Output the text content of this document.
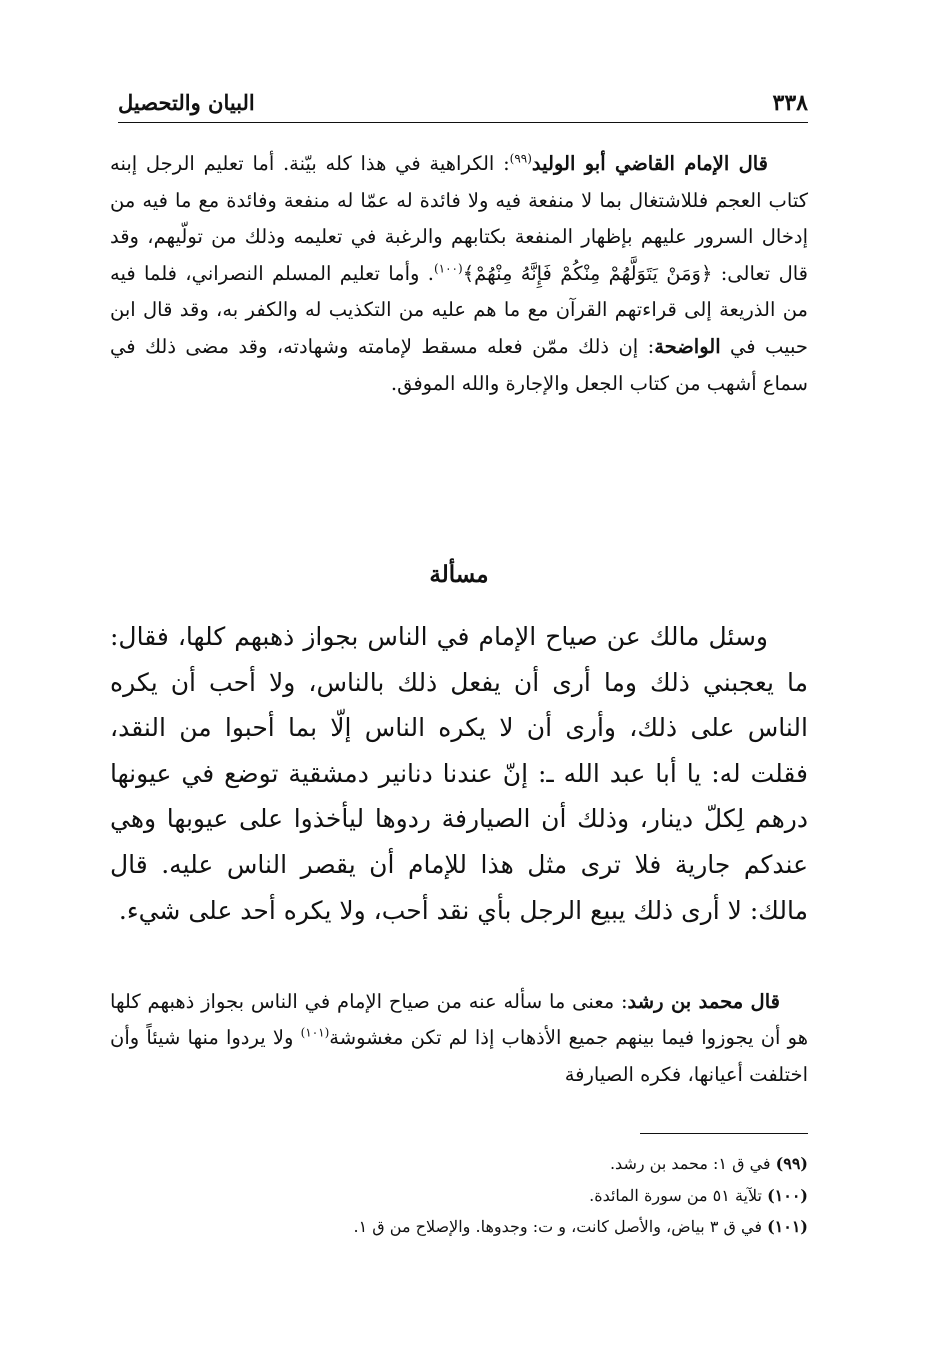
٣٣٨
البيان والتحصيل

قال الإمام القاضي أبو الوليد$^{(٩٩)}$: الكراهية في هذا كله بيّنة. أما تعليم الرجل إبنه كتاب العجم فللاشتغال بما لا منفعة فيه ولا فائدة له عمّا له منفعة وفائدة مع ما فيه من إدخال السرور عليهم بإظهار المنفعة بكتابهم والرغبة في تعليمه وذلك من تولّيهم، وقد قال تعالى: ﴿وَمَنْ يَتَوَلَّهُمْ مِنْكُمْ فَإِنَّهُ مِنْهُمْ﴾$^{(١٠٠)}$. وأما تعليم المسلم النصراني، فلما فيه من الذريعة إلى قراءتهم القرآن مع ما هم عليه من التكذيب له والكفر به، وقد قال ابن حبيب في الواضحة: إن ذلك ممّن فعله مسقط لإمامته وشهادته، وقد مضى ذلك في سماع أشهب من كتاب الجعل والإجارة والله الموفق.

مسألة

وسئل مالك عن صياح الإمام في الناس بجواز ذهبهم كلها، فقال: ما يعجبني ذلك وما أرى أن يفعل ذلك بالناس، ولا أحب أن يكره الناس على ذلك، وأرى أن لا يكره الناس إلّا بما أحبوا من النقد، فقلت له: يا أبا عبد الله ـ: إنّ عندنا دنانير دمشقية توضع في عيونها درهم لِكلّ دينار، وذلك أن الصيارفة ردوها ليأخذوا على عيوبها وهي عندكم جارية فلا ترى مثل هذا للإمام أن يقصر الناس عليه. قال مالك: لا أرى ذلك يبيع الرجل بأي نقد أحب، ولا يكره أحد على شيء.

قال محمد بن رشد: معنى ما سأله عنه من صياح الإمام في الناس بجواز ذهبهم كلها هو أن يجوزوا فيما بينهم جميع الأذهاب إذا لم تكن مغشوشة$^{(١٠١)}$ ولا يردوا منها شيئاً وأن اختلفت أعيانها، فكره الصيارفة

(٩٩) في ق ١: محمد بن رشد.
(١٠٠) تلآية ٥١ من سورة المائدة.
(١٠١) في ق ٣ بياض، والأصل كانت، و ت: وجدوها. والإصلاح من ق ١.
